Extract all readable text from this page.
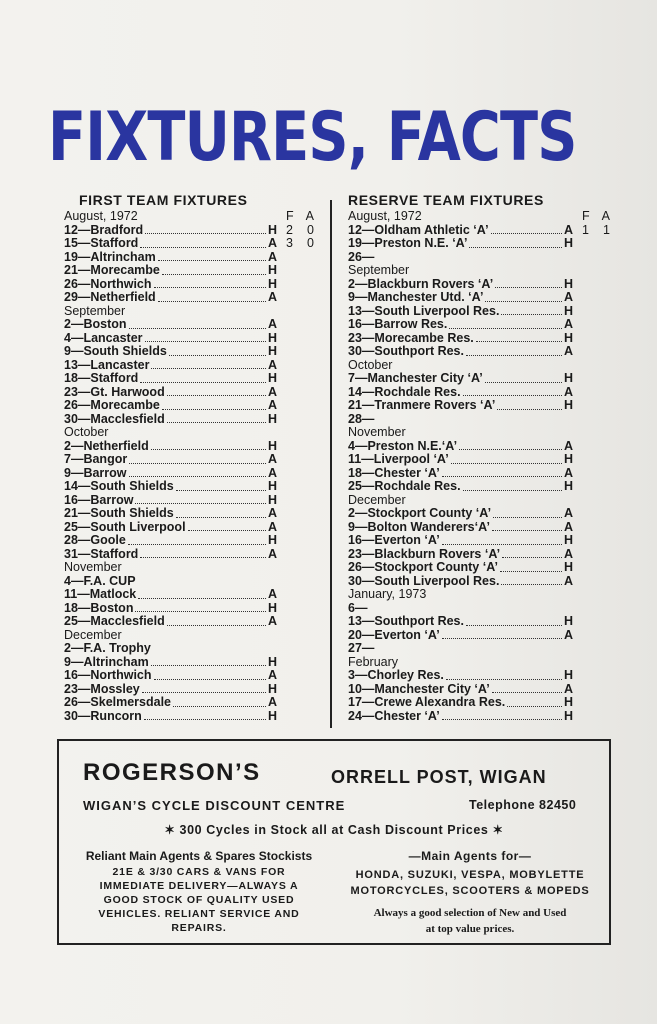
FIXTURES, FACTS
FIRST TEAM FIXTURES
August, 1972	F A
12—Bradford	H 2 0
15—Stafford	A 3 0
19—Altrincham	A
21—Morecambe	H
26—Northwich	H
29—Netherfield	A
September
2—Boston	A
4—Lancaster	H
9—South Shields	H
13—Lancaster	A
18—Stafford	H
23—Gt. Harwood	A
26—Morecambe	A
30—Macclesfield	H
October
2—Netherfield	H
7—Bangor	A
9—Barrow	A
14—South Shields	H
16—Barrow	H
21—South Shields	A
25—South Liverpool	A
28—Goole	H
31—Stafford	A
November
4—F.A. CUP
11—Matlock	A
18—Boston	H
25—Macclesfield	A
December
2—F.A. Trophy
9—Altrincham	H
16—Northwich	A
23—Mossley	H
26—Skelmersdale	A
30—Runcorn	H
RESERVE TEAM FIXTURES
August, 1972	F A
12—Oldham Athletic ‘A’	A 1 1
19—Preston N.E. ‘A’	H
26—
September
2—Blackburn Rovers ‘A’	H
9—Manchester Utd. ‘A’	A
13—South Liverpool Res.	H
16—Barrow Res.	A
23—Morecambe Res.	H
30—Southport Res.	A
October
7—Manchester City ‘A’	H
14—Rochdale Res.	A
21—Tranmere Rovers ‘A’	H
28—
November
4—Preston N.E.‘A’	A
11—Liverpool ‘A’	H
18—Chester ‘A’	A
25—Rochdale Res.	H
December
2—Stockport County ‘A’	A
9—Bolton Wanderers‘A’	A
16—Everton ‘A’	H
23—Blackburn Rovers ‘A’	A
26—Stockport County ‘A’	H
30—South Liverpool Res.	A
January, 1973
6—
13—Southport Res.	H
20—Everton ‘A’	A
27—
February
3—Chorley Res.	H
10—Manchester City ‘A’	A
17—Crewe Alexandra Res.	H
24—Chester ‘A’	H
ROGERSON’S	ORRELL POST, WIGAN
WIGAN’S CYCLE DISCOUNT CENTRE	Telephone 82450
✶ 300 Cycles in Stock all at Cash Discount Prices ✶
Reliant Main Agents & Spares Stockists
21E & 3/30 CARS & VANS FOR
IMMEDIATE DELIVERY—ALWAYS A
GOOD STOCK OF QUALITY USED
VEHICLES. RELIANT SERVICE AND
REPAIRS.
—Main Agents for—
HONDA, SUZUKI, VESPA, MOBYLETTE
MOTORCYCLES, SCOOTERS & MOPEDS
Always a good selection of New and Used
at top value prices.
